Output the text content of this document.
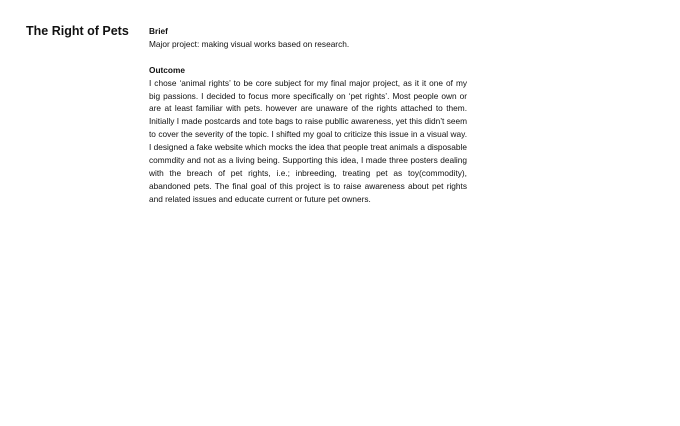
The Right of Pets Brief

Major project: making visual works based on research.

Outcome

I chose ‘animal rights’ to be core subject for my final major project, as it it one of my big passions. I decided to focus more specifically on ‘pet rights’. Most people own or are at least familiar with pets. however are unaware of the rights attached to them. Initially I made postcards and tote bags to raise publlic awareness, yet this didn’t seem to cover the severity of the topic. I shifted my goal to criticize this issue in a visual way. I designed a fake website which mocks the idea that people treat animals a disposable commdity and not as a living being. Supporting this idea, I made three posters dealing with the breach of pet rights, i.e.; inbreeding, treating pet as toy(commodity), abandoned pets. The final goal of this project is to raise awareness about pet rights and related issues and educate current or future pet owners.
